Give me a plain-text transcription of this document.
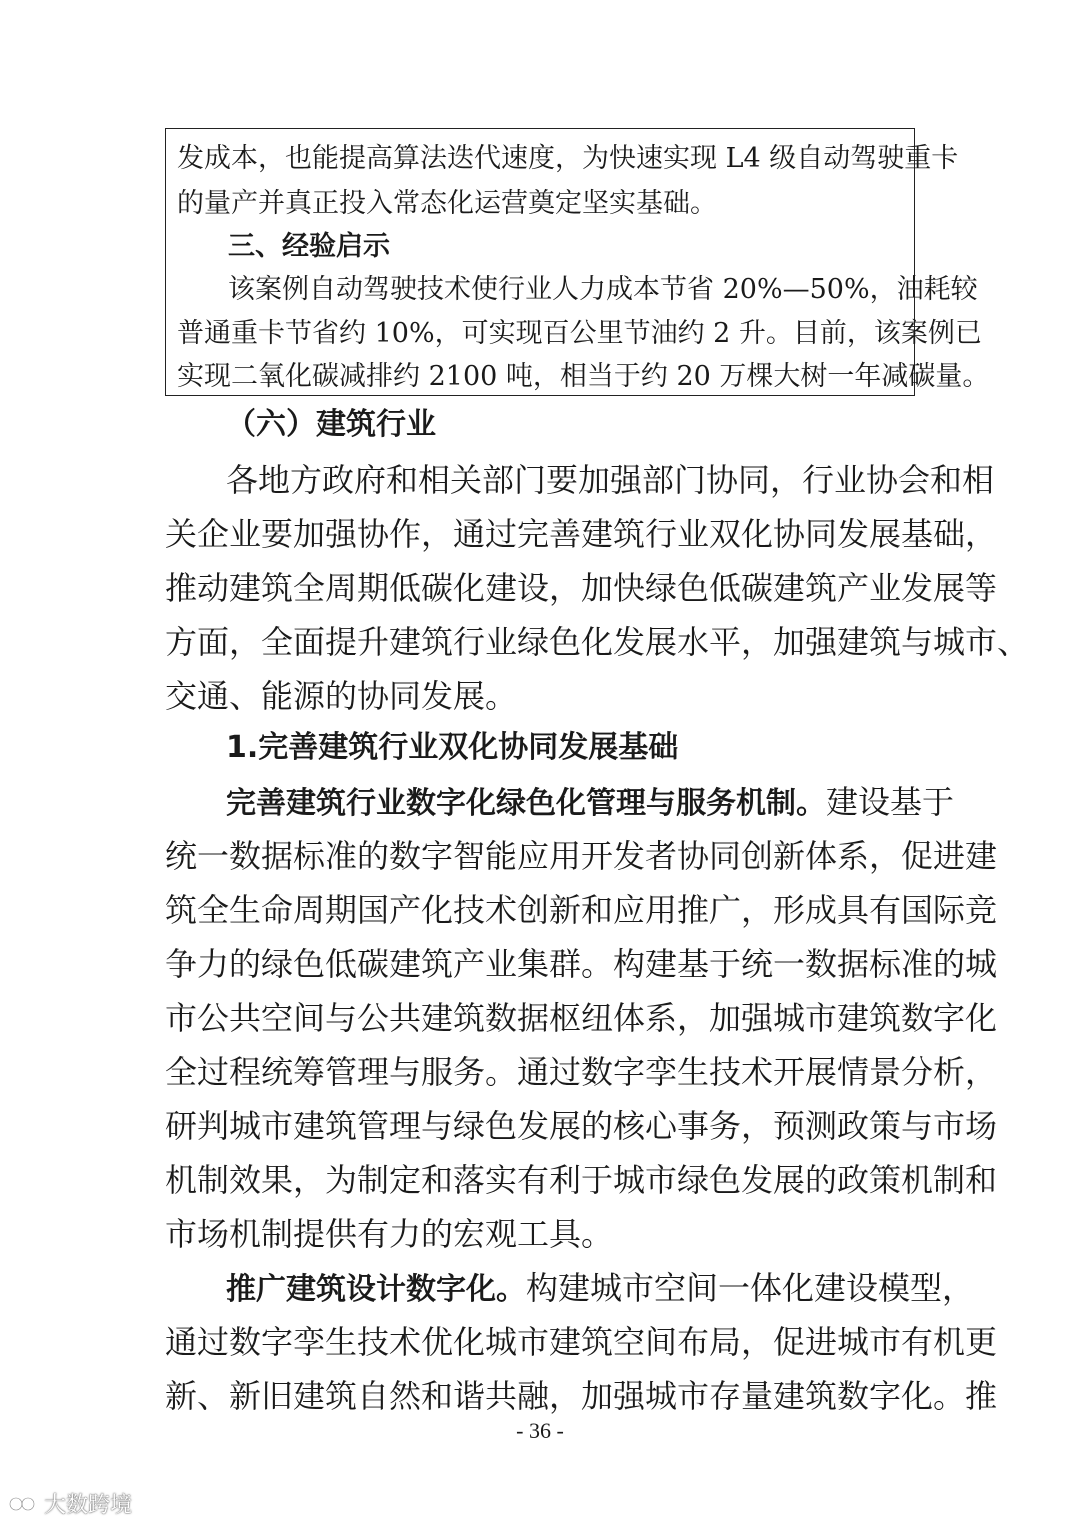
发成本，也能提高算法迭代速度，为快速实现 L4 级自动驾驶重卡
的量产并真正投入常态化运营奠定坚实基础。
三、经验启示
该案例自动驾驶技术使行业人力成本节省 20%—50%，油耗较
普通重卡节省约 10%，可实现百公里节油约 2 升。目前，该案例已
实现二氧化碳减排约 2100 吨，相当于约 20 万棵大树一年减碳量。
（六）建筑行业
各地方政府和相关部门要加强部门协同，行业协会和相
关企业要加强协作，通过完善建筑行业双化协同发展基础，
推动建筑全周期低碳化建设，加快绿色低碳建筑产业发展等
方面，全面提升建筑行业绿色化发展水平，加强建筑与城市、
交通、能源的协同发展。
1.完善建筑行业双化协同发展基础
完善建筑行业数字化绿色化管理与服务机制。建设基于
统一数据标准的数字智能应用开发者协同创新体系，促进建
筑全生命周期国产化技术创新和应用推广，形成具有国际竞
争力的绿色低碳建筑产业集群。构建基于统一数据标准的城
市公共空间与公共建筑数据枢纽体系，加强城市建筑数字化
全过程统筹管理与服务。通过数字孪生技术开展情景分析，
研判城市建筑管理与绿色发展的核心事务，预测政策与市场
机制效果，为制定和落实有利于城市绿色发展的政策机制和
市场机制提供有力的宏观工具。
推广建筑设计数字化。构建城市空间一体化建设模型，
通过数字孪生技术优化城市建筑空间布局，促进城市有机更
新、新旧建筑自然和谐共融，加强城市存量建筑数字化。推
- 36 -
大数跨境
